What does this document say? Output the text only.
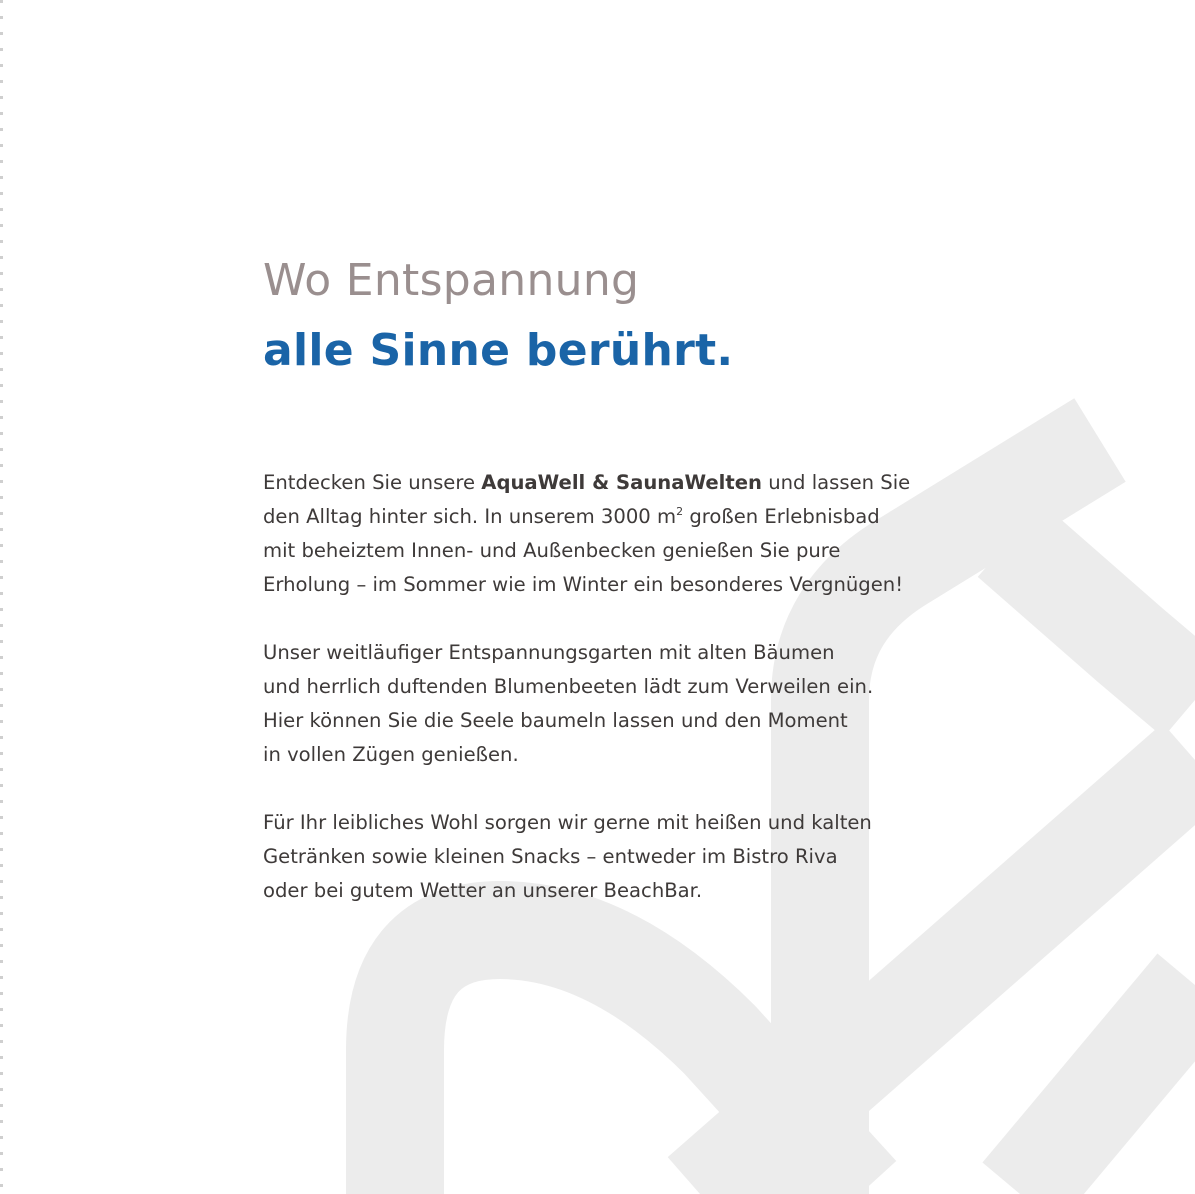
Wo Entspannung
alle Sinne berührt.

Entdecken Sie unsere AquaWell & SaunaWelten und lassen Sie
den Alltag hinter sich. In unserem 3000 $m^2$ großen Erlebnisbad
mit beheiztem Innen- und Außenbecken genießen Sie pure
Erholung – im Sommer wie im Winter ein besonderes Vergnügen!

Unser weitläufiger Entspannungsgarten mit alten Bäumen
und herrlich duftenden Blumenbeeten lädt zum Verweilen ein.
Hier können Sie die Seele baumeln lassen und den Moment
in vollen Zügen genießen.

Für Ihr leibliches Wohl sorgen wir gerne mit heißen und kalten
Getränken sowie kleinen Snacks – entweder im Bistro Riva
oder bei gutem Wetter an unserer BeachBar.
